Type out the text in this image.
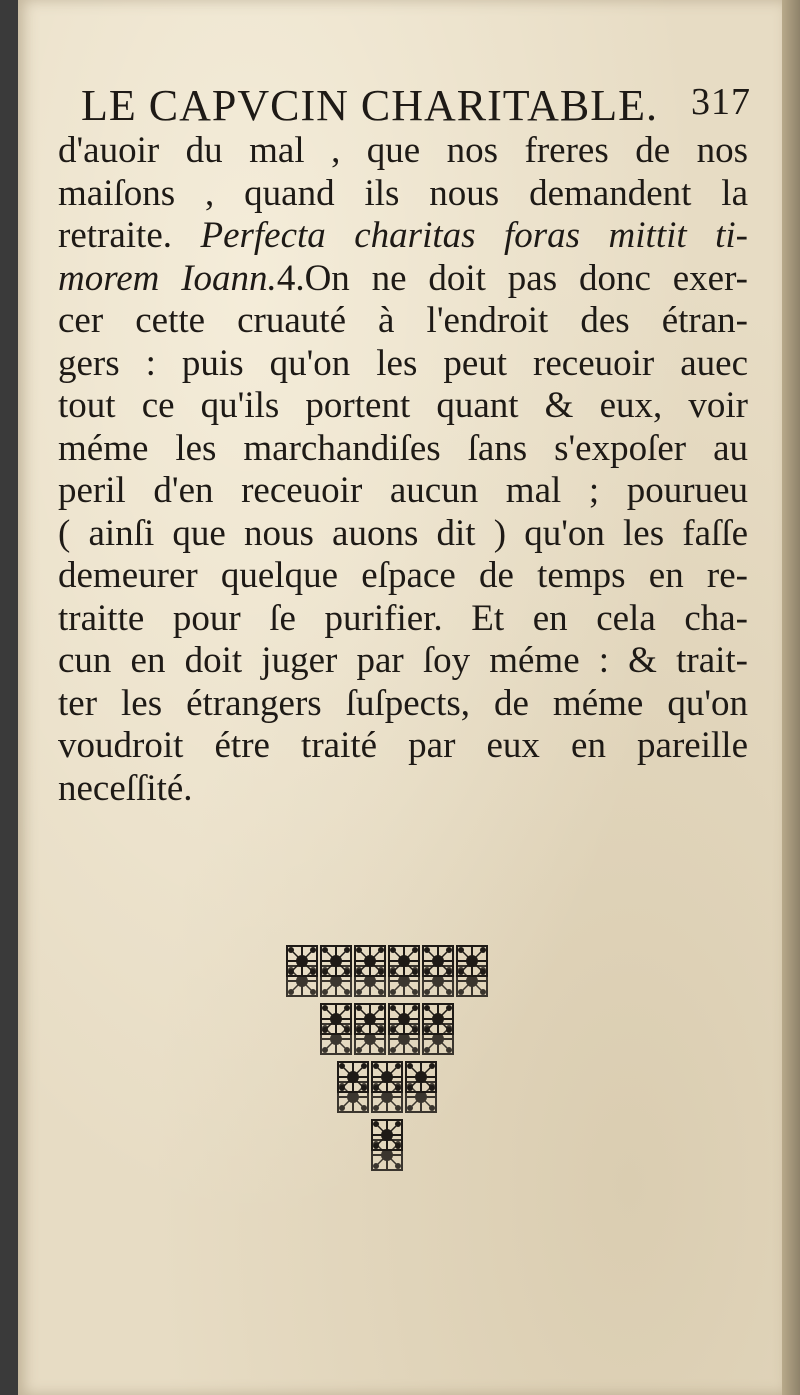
LE CAPVCIN CHARITABLE. 317
d'auoir du mal , que nos freres de nos
maiſons , quand ils nous demandent la
retraite. Perfecta charitas foras mittit ti-
morem Ioann.4.On ne doit pas donc exer-
cer cette cruauté à l'endroit des étran-
gers : puis qu'on les peut receuoir auec
tout ce qu'ils portent quant & eux, voir
méme les marchandiſes ſans s'expoſer au
peril d'en receuoir aucun mal ; pourueu
( ainſi que nous auons dit ) qu'on les faſſe
demeurer quelque eſpace de temps en re-
traitte pour ſe purifier. Et en cela cha-
cun en doit juger par ſoy méme : & trait-
ter les étrangers ſuſpects, de méme qu'on
voudroit étre traité par eux en pareille
neceſſité.
